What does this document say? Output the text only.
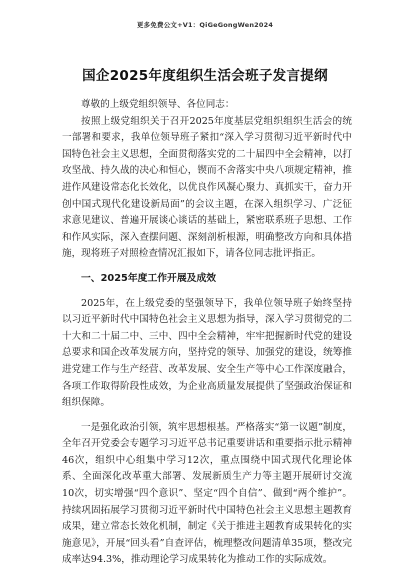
更多免费公文+V1：QiGeGongWen2024
国企2025年度组织生活会班子发言提纲

尊敬的上级党组织领导、各位同志：

按照上级党组织关于召开2025年度基层党组织组织生活会的统一部署和要求，我单位领导班子紧扣“深入学习贯彻习近平新时代中国特色社会主义思想，全面贯彻落实党的二十届四中全会精神，以打攻坚战、持久战的决心和恒心，锲而不舍落实中央八项规定精神，推进作风建设常态化长效化，以优良作风凝心聚力、真抓实干，奋力开创中国式现代化建设新局面”的会议主题，在深入组织学习、广泛征求意见建议、普遍开展谈心谈话的基础上，紧密联系班子思想、工作和作风实际，深入查摆问题、深刻剖析根源，明确整改方向和具体措施，现将班子对照检查情况汇报如下，请各位同志批评指正。

一、2025年度工作开展及成效

2025年，在上级党委的坚强领导下，我单位领导班子始终坚持以习近平新时代中国特色社会主义思想为指导，深入学习贯彻党的二十大和二十届二中、三中、四中全会精神，牢牢把握新时代党的建设总要求和国企改革发展方向，坚持党的领导、加强党的建设，统筹推进党建工作与生产经营、改革发展、安全生产等中心工作深度融合，各项工作取得阶段性成效，为企业高质量发展提供了坚强政治保证和组织保障。

一是强化政治引领，筑牢思想根基。严格落实“第一议题”制度，全年召开党委会专题学习习近平总书记重要讲话和重要指示批示精神46次，组织中心组集中学习12次，重点围绕中国式现代化理论体系、全面深化改革重大部署、发展新质生产力等主题开展研讨交流10次，切实增强“四个意识”、坚定“四个自信”、做到“两个维护”。持续巩固拓展学习贯彻习近平新时代中国特色社会主义思想主题教育成果，建立常态长效化机制，制定《关于推进主题教育成果转化的实施意见》，开展“回头看”自查评估，梳理整改问题清单35项，整改完成率达94.3%，推动理论学习成果转化为推动工作的实际成效。
